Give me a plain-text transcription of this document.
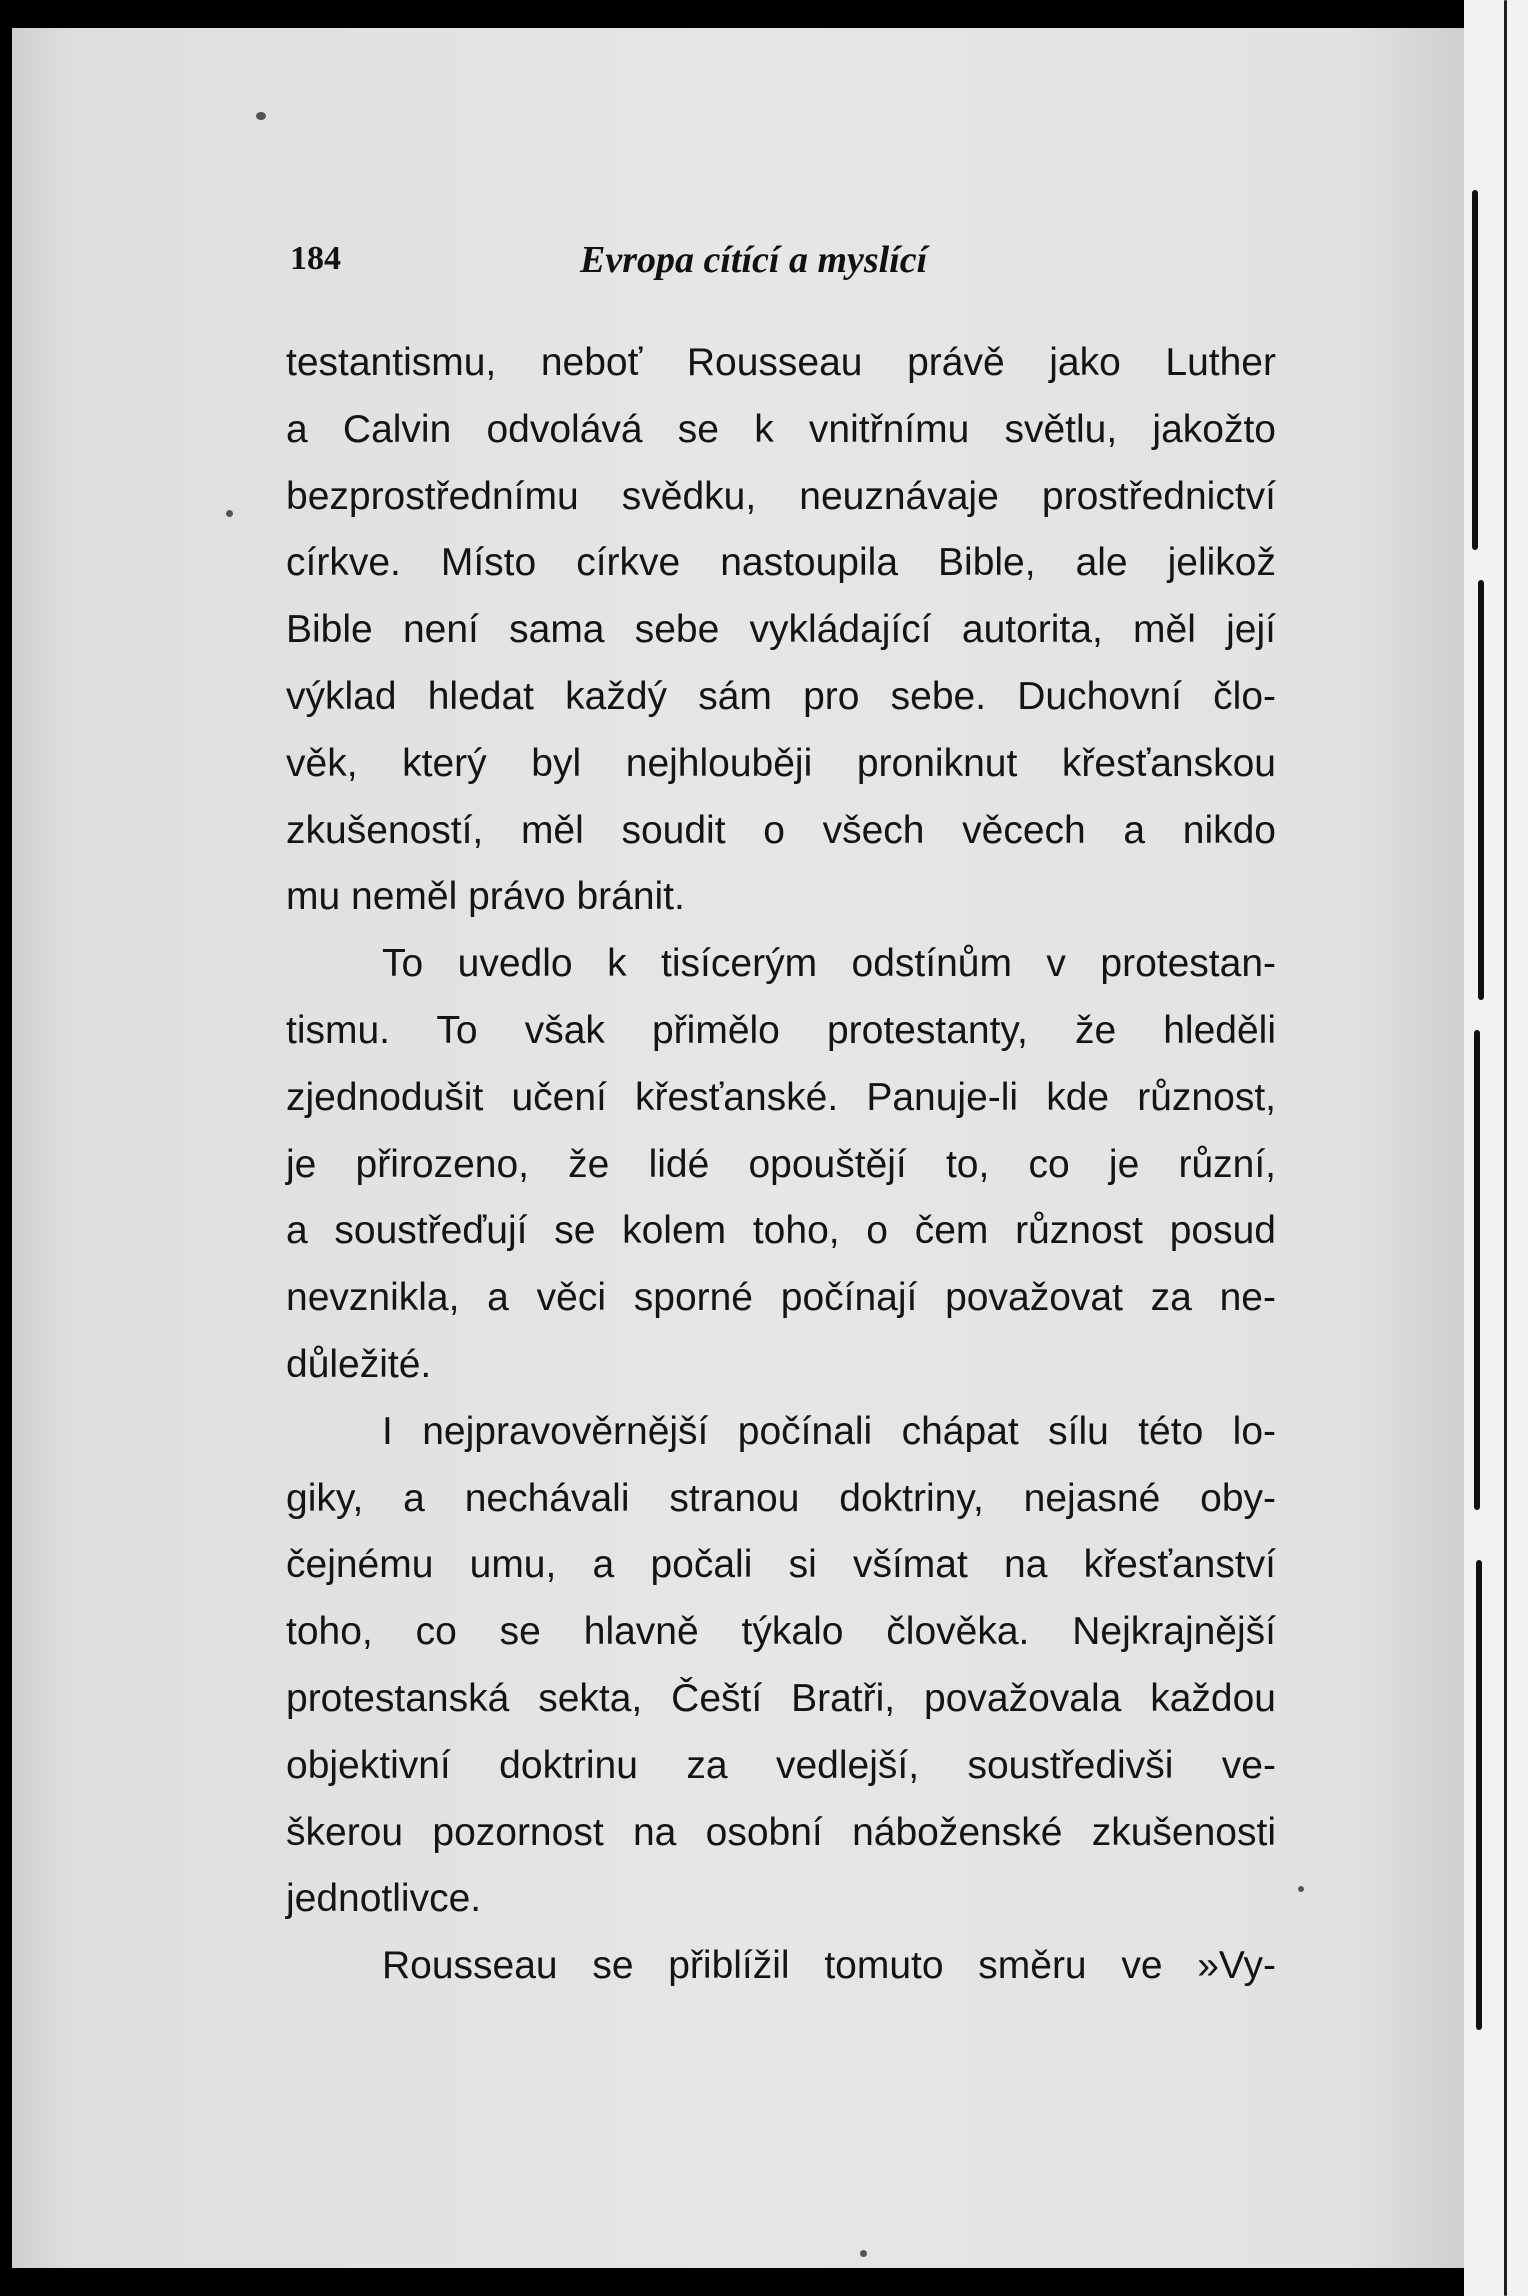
184	Evropa cítící a myslící
testantismu, neboť Rousseau právě jako Luther
a Calvin odvolává se k vnitřnímu světlu, jakožto
bezprostřednímu svědku, neuznávaje prostřednictví
církve. Místo církve nastoupila Bible, ale jelikož
Bible není sama sebe vykládající autorita, měl její
výklad hledat každý sám pro sebe. Duchovní člo-
věk, který byl nejhlouběji proniknut křesťanskou
zkušeností, měl soudit o všech věcech a nikdo
mu neměl právo bránit.
To uvedlo k tisícerým odstínům v protestan-
tismu. To však přimělo protestanty, že hleděli
zjednodušit učení křesťanské. Panuje-li kde různost,
je přirozeno, že lidé opouštějí to, co je různí,
a soustřeďují se kolem toho, o čem různost posud
nevznikla, a věci sporné počínají považovat za ne-
důležité.
I nejpravověrnější počínali chápat sílu této lo-
giky, a nechávali stranou doktriny, nejasné oby-
čejnému umu, a počali si všímat na křesťanství
toho, co se hlavně týkalo člověka. Nejkrajnější
protestanská sekta, Čeští Bratři, považovala každou
objektivní doktrinu za vedlejší, soustředivši ve-
škerou pozornost na osobní náboženské zkušenosti
jednotlivce.
Rousseau se přiblížil tomuto směru ve »Vy-
